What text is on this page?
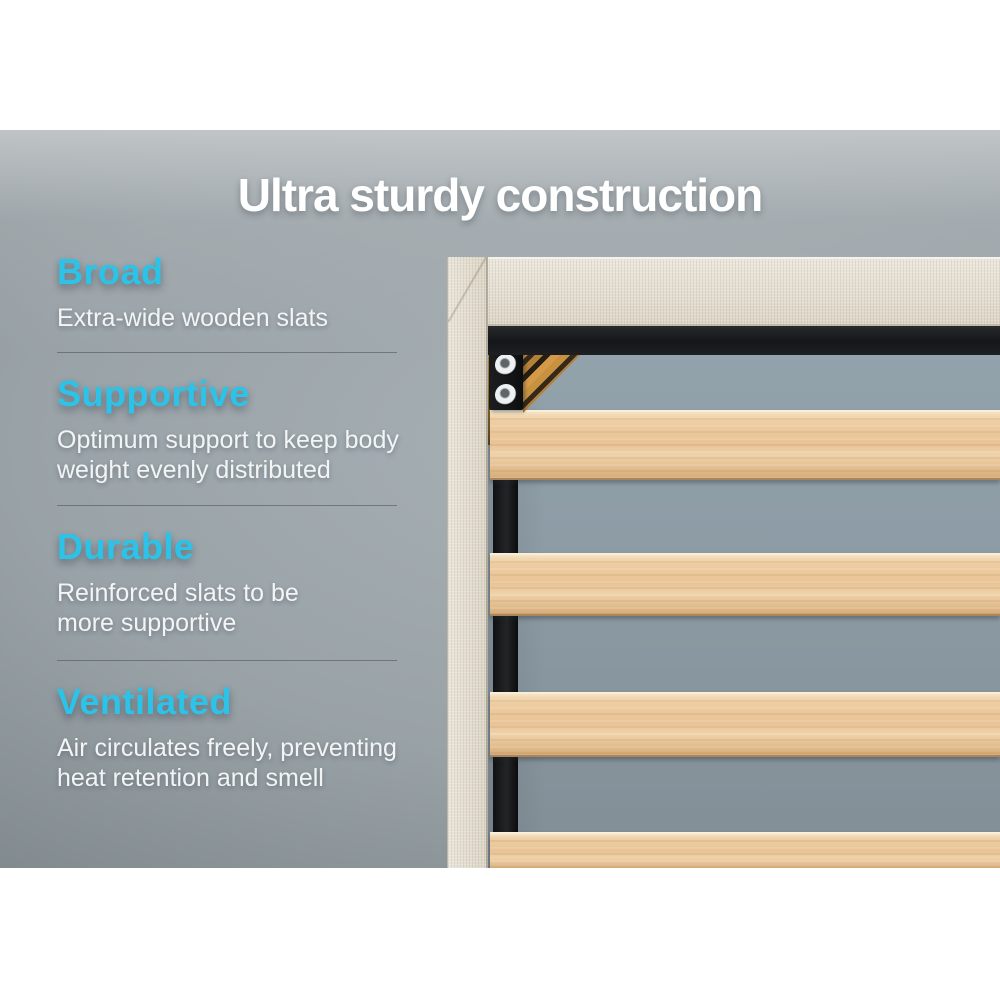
Ultra sturdy construction
Broad

Extra-wide wooden slats

Supportive

Optimum support to keep body
weight evenly distributed

Durable

Reinforced slats to be
more supportive

Ventilated

Air circulates freely, preventing
heat retention and smell
